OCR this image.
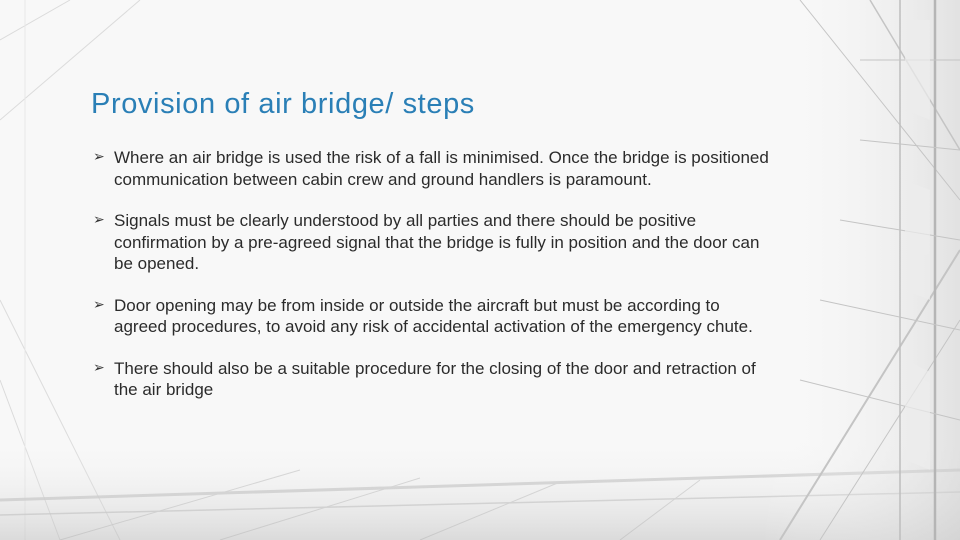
Provision of air bridge/ steps
➢ Where an air bridge is used the risk of a fall is minimised. Once the bridge is positioned communication between cabin crew and ground handlers is paramount.
➢ Signals must be clearly understood by all parties and there should be positive confirmation by a pre-agreed signal that the bridge is fully in position and the door can be opened.
➢ Door opening may be from inside or outside the aircraft but must be according to agreed procedures, to avoid any risk of accidental activation of the emergency chute.
➢ There should also be a suitable procedure for the closing of the door and retraction of the air bridge
